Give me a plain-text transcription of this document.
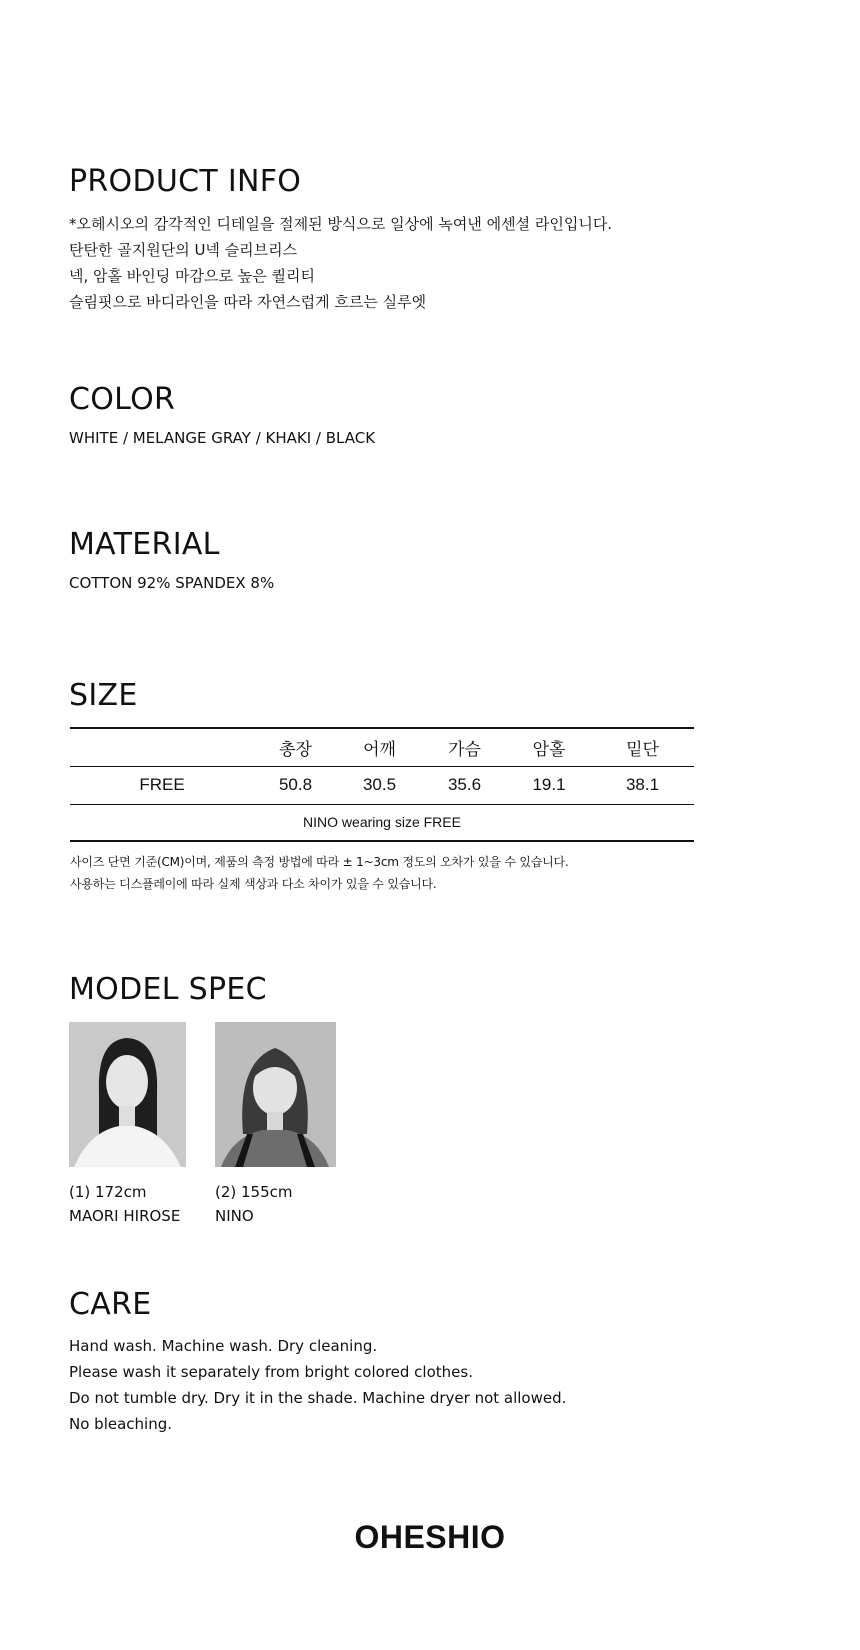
PRODUCT INFO
*오헤시오의 감각적인 디테일을 절제된 방식으로 일상에 녹여낸 에센셜 라인입니다.
탄탄한 골지원단의 U넥 슬리브리스
넥, 암홀 바인딩 마감으로 높은 퀄리티
슬림핏으로 바디라인을 따라 자연스럽게 흐르는 실루엣
COLOR

WHITE / MELANGE GRAY / KHAKI / BLACK

MATERIAL

COTTON 92% SPANDEX 8%

SIZE
	총장	어깨	가슴	암홀	밑단
FREE	50.8	30.5	35.6	19.1	38.1
NINO wearing size FREE					
사이즈 단면 기준(CM)이며, 제품의 측정 방법에 따라 ± 1~3cm 정도의 오차가 있을 수 있습니다.
사용하는 디스플레이에 따라 실제 색상과 다소 차이가 있을 수 있습니다.
MODEL SPEC

(1) 172cm

MAORI HIROSE

(2) 155cm

NINO

CARE
Hand wash. Machine wash. Dry cleaning.
Please wash it separately from bright colored clothes.
Do not tumble dry. Dry it in the shade. Machine dryer not allowed.
No bleaching.
OHESHIO
